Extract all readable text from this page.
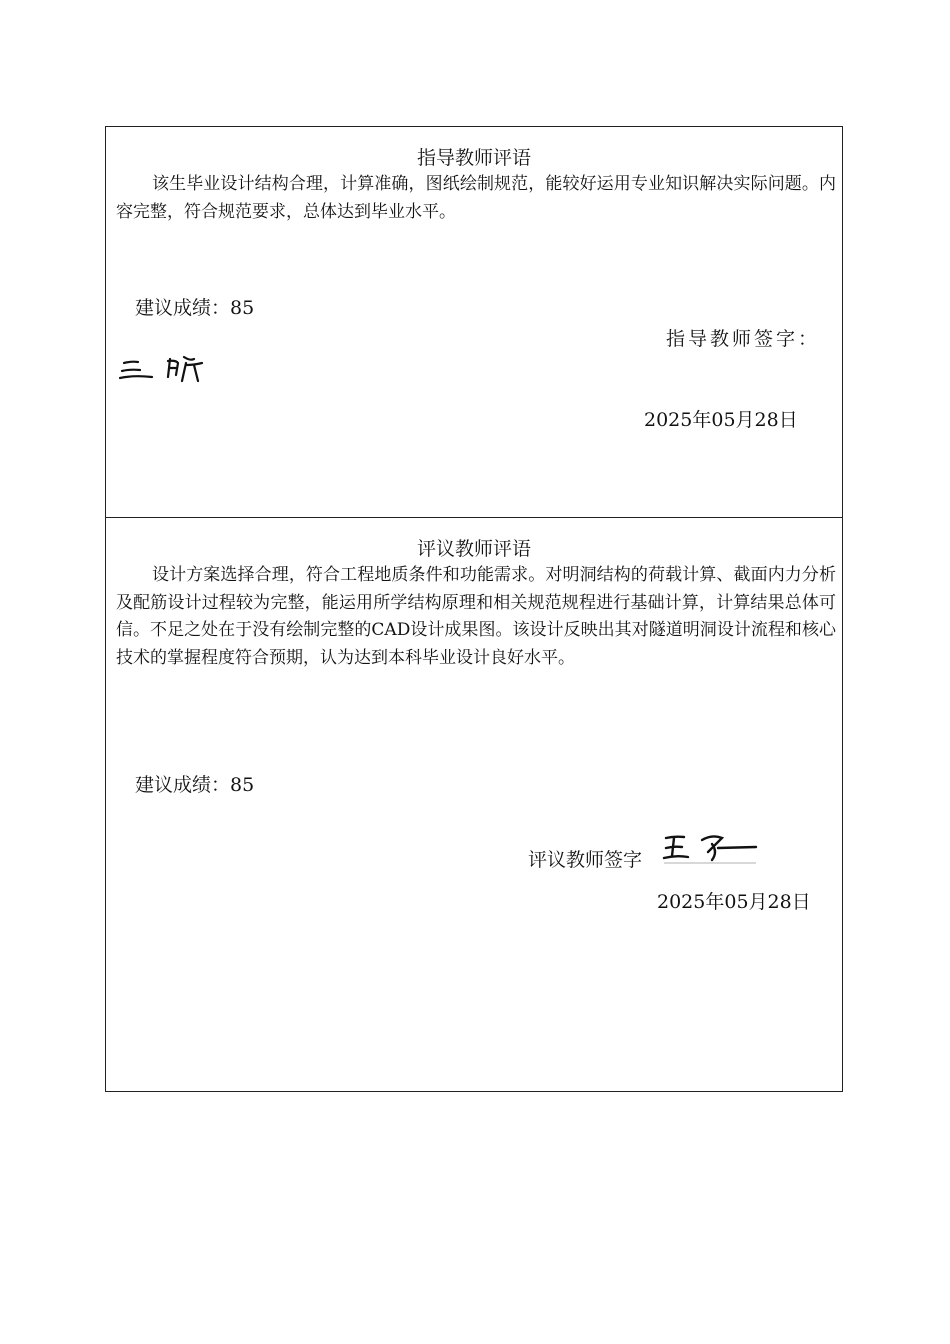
指导教师评语

该生毕业设计结构合理，计算准确，图纸绘制规范，能较好运用专业知识解决实际问题。内容完整，符合规范要求，总体达到毕业水平。

建议成绩：85
指导教师签字：
2025年05月28日
评议教师评语

设计方案选择合理，符合工程地质条件和功能需求。对明洞结构的荷载计算、截面内力分析及配筋设计过程较为完整，能运用所学结构原理和相关规范规程进行基础计算，计算结果总体可信。不足之处在于没有绘制完整的CAD设计成果图。该设计反映出其对隧道明洞设计流程和核心技术的掌握程度符合预期，认为达到本科毕业设计良好水平。

建议成绩：85
评议教师签字
2025年05月28日
